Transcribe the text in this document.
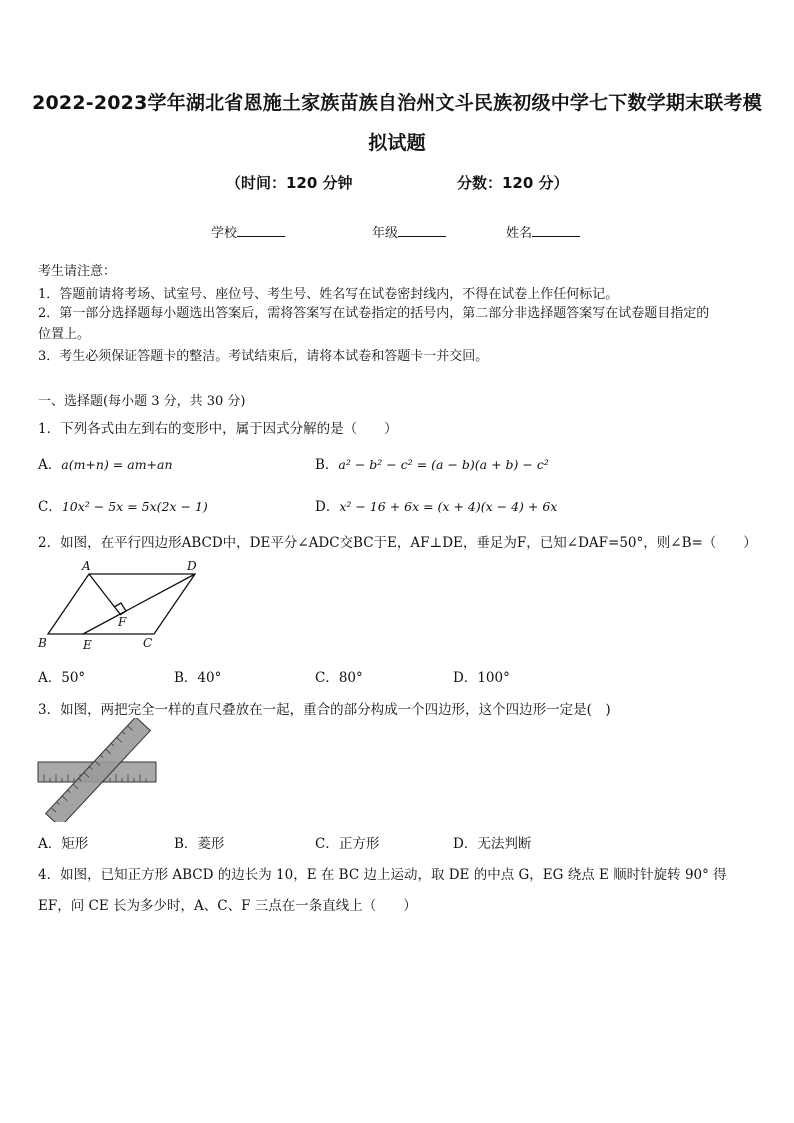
2022-2023学年湖北省恩施土家族苗族自治州文斗民族初级中学七下数学期末联考模
拟试题
（时间：120 分钟	分数：120 分）
学校	年级	姓名
考生请注意：
1．答题前请将考场、试室号、座位号、考生号、姓名写在试卷密封线内，不得在试卷上作任何标记。
2．第一部分选择题每小题选出答案后，需将答案写在试卷指定的括号内，第二部分非选择题答案写在试卷题目指定的
位置上。
3．考生必须保证答题卡的整洁。考试结束后，请将本试卷和答题卡一并交回。
一、选择题(每小题 3 分，共 30 分)
1．下列各式由左到右的变形中，属于因式分解的是（　　）
A．a(m+n) = am+an	B．a² − b² − c² = (a − b)(a + b) − c²
C．10x² − 5x = 5x(2x − 1)	D．x² − 16 + 6x = (x + 4)(x − 4) + 6x
2．如图，在平行四边形ABCD中，DE平分∠ADC交BC于E，AF⊥DE，垂足为F，已知∠DAF=50°，则∠B=（　　）
A	D
B	E	C
F
A．50°	B．40°	C．80°	D．100°
3．如图，两把完全一样的直尺叠放在一起，重合的部分构成一个四边形，这个四边形一定是(　)
A．矩形	B．菱形	C．正方形	D．无法判断
4．如图，已知正方形 ABCD 的边长为 10，E 在 BC 边上运动，取 DE 的中点 G，EG 绕点 E 顺时针旋转 90° 得
EF，问 CE 长为多少时，A、C、F 三点在一条直线上（　　）
